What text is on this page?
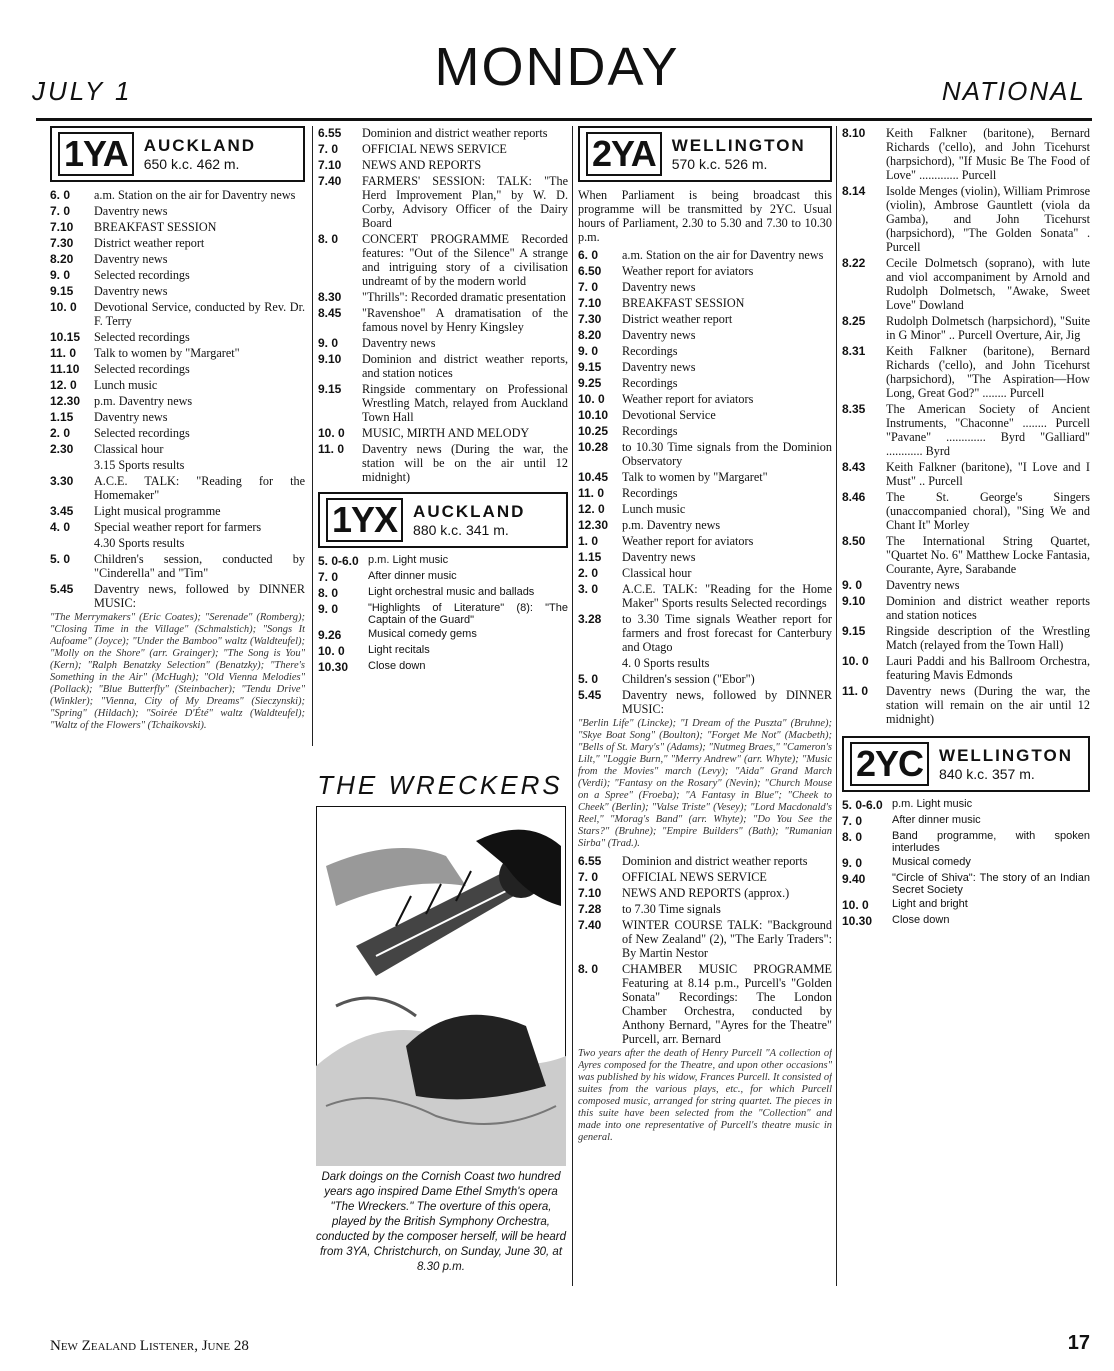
JULY 1	MONDAY	NATIONAL
1YA AUCKLAND
650 k.c. 462 m.
6. 0	a.m. Station on the air for Daventry news
7. 0	Daventry news
7.10	BREAKFAST SESSION
7.30	District weather report
8.20	Daventry news
9. 0	Selected recordings
9.15	Daventry news
10. 0	Devotional Service, conducted by Rev. Dr. F. Terry
10.15	Selected recordings
11. 0	Talk to women by "Margaret"
11.10	Selected recordings
12. 0	Lunch music
12.30	p.m. Daventry news
1.15	Daventry news
2. 0	Selected recordings
2.30	Classical hour
3.15 Sports results
3.30	A.C.E. TALK: "Reading for the Homemaker"
3.45	Light musical programme
4. 0	Special weather report for farmers
4.30 Sports results
5. 0	Children's session, conducted by "Cinderella" and "Tim"
5.45	Daventry news, followed by DINNER MUSIC:
"The Merrymakers" (Eric Coates); "Serenade" (Romberg); "Closing Time in the Village" (Schmalstich); "Songs It Aufoame" (Joyce); "Under the Bamboo" waltz (Waldteufel); "Molly on the Shore" (arr. Grainger); "The Song is You" (Kern); "Ralph Benatzky Selection" (Benatzky); "There's Something in the Air" (McHugh); "Old Vienna Melodies" (Pollack); "Blue Butterfly" (Steinbacher); "Tendu Drive" (Winkler); "Vienna, City of My Dreams" (Sieczynski); "Spring" (Hildach); "Soirée D'Été" waltz (Waldteufel); "Waltz of the Flowers" (Tchaikovski).
6.55	Dominion and district weather reports
7. 0	OFFICIAL NEWS SERVICE
7.10	NEWS AND REPORTS
7.40	FARMERS' SESSION: TALK: "The Herd Improvement Plan," by W. D. Corby, Advisory Officer of the Dairy Board
8. 0	CONCERT PROGRAMME Recorded features: "Out of the Silence" A strange and intriguing story of a civilisation undreamt of by the modern world
8.30	"Thrills": Recorded dramatic presentation
8.45	"Ravenshoe" A dramatisation of the famous novel by Henry Kingsley
9. 0	Daventry news
9.10	Dominion and district weather reports, and station notices
9.15	Ringside commentary on Professional Wrestling Match, relayed from Auckland Town Hall
10. 0	MUSIC, MIRTH AND MELODY
11. 0	Daventry news (During the war, the station will be on the air until 12 midnight)
1YX AUCKLAND
880 k.c. 341 m.
5. 0-6.0 p.m. Light music
7. 0	After dinner music
8. 0	Light orchestral music and ballads
9. 0	"Highlights of Literature" (8): "The Captain of the Guard"
9.26	Musical comedy gems
10. 0	Light recitals
10.30	Close down
THE WRECKERS
Dark doings on the Cornish Coast two hundred years ago inspired Dame Ethel Smyth's opera "The Wreckers." The overture of this opera, played by the British Symphony Orchestra, conducted by the composer herself, will be heard from 3YA, Christchurch, on Sunday, June 30, at 8.30 p.m.
2YA WELLINGTON
570 k.c. 526 m.
When Parliament is being broadcast this programme will be transmitted by 2YC. Usual hours of Parliament, 2.30 to 5.30 and 7.30 to 10.30 p.m.
6. 0	a.m. Station on the air for Daventry news
6.50	Weather report for aviators
7. 0	Daventry news
7.10	BREAKFAST SESSION
7.30	District weather report
8.20	Daventry news
9. 0	Recordings
9.15	Daventry news
9.25	Recordings
10. 0	Weather report for aviators
10.10	Devotional Service
10.25	Recordings
10.28	to 10.30 Time signals from the Dominion Observatory
10.45	Talk to women by "Margaret"
11. 0	Recordings
12. 0	Lunch music
12.30	p.m. Daventry news
1. 0	Weather report for aviators
1.15	Daventry news
2. 0	Classical hour
3. 0	A.C.E. TALK: "Reading for the Home Maker" Sports results Selected recordings
3.28	to 3.30 Time signals Weather report for farmers and frost forecast for Canterbury and Otago
4. 0 Sports results
5. 0	Children's session ("Ebor")
5.45	Daventry news, followed by DINNER MUSIC:
"Berlin Life" (Lincke); "I Dream of the Puszta" (Bruhne); "Skye Boat Song" (Boulton); "Forget Me Not" (Macbeth); "Bells of St. Mary's" (Adams); "Nutmeg Braes," "Cameron's Lilt," "Loggie Burn," "Merry Andrew" (arr. Whyte); "Music from the Movies" march (Levy); "Aida" Grand March (Verdi); "Fantasy on the Rosary" (Nevin); "Church Mouse on a Spree" (Froeba); "A Fantasy in Blue"; "Cheek to Cheek" (Berlin); "Valse Triste" (Vesey); "Lord Macdonald's Reel," "Morag's Band" (arr. Whyte); "Do You See the Stars?" (Bruhne); "Empire Builders" (Bath); "Rumanian Sirba" (Trad.).
6.55	Dominion and district weather reports
7. 0	OFFICIAL NEWS SERVICE
7.10	NEWS AND REPORTS (approx.)
7.28	to 7.30 Time signals
7.40	WINTER COURSE TALK: "Background of New Zealand" (2), "The Early Traders": By Martin Nestor
8. 0	CHAMBER MUSIC PROGRAMME Featuring at 8.14 p.m., Purcell's "Golden Sonata" Recordings: The London Chamber Orchestra, conducted by Anthony Bernard, "Ayres for the Theatre" Purcell, arr. Bernard
Two years after the death of Henry Purcell "A collection of Ayres composed for the Theatre, and upon other occasions" was published by his widow, Frances Purcell. It consisted of suites from the various plays, etc., for which Purcell composed music, arranged for string quartet. The pieces in this suite have been selected from the "Collection" and made into one representative of Purcell's theatre music in general.
8.10	Keith Falkner (baritone), Bernard Richards ('cello), and John Ticehurst (harpsichord), "If Music Be The Food of Love" ............. Purcell
8.14	Isolde Menges (violin), William Primrose (violin), Ambrose Gauntlett (viola da Gamba), and John Ticehurst (harpsichord), "The Golden Sonata" . Purcell
8.22	Cecile Dolmetsch (soprano), with lute and viol accompaniment by Arnold and Rudolph Dolmetsch, "Awake, Sweet Love" Dowland
8.25	Rudolph Dolmetsch (harpsichord), "Suite in G Minor" .. Purcell Overture, Air, Jig
8.31	Keith Falkner (baritone), Bernard Richards ('cello), and John Ticehurst (harpsichord), "The Aspiration—How Long, Great God?" ........ Purcell
8.35	The American Society of Ancient Instruments, "Chaconne" ........ Purcell "Pavane" ............. Byrd "Galliard" ............ Byrd
8.43	Keith Falkner (baritone), "I Love and I Must" .. Purcell
8.46	The St. George's Singers (unaccompanied choral), "Sing We and Chant It" Morley
8.50	The International String Quartet, "Quartet No. 6" Matthew Locke Fantasia, Courante, Ayre, Sarabande
9. 0	Daventry news
9.10	Dominion and district weather reports and station notices
9.15	Ringside description of the Wrestling Match (relayed from the Town Hall)
10. 0	Lauri Paddi and his Ballroom Orchestra, featuring Mavis Edmonds
11. 0	Daventry news (During the war, the station will remain on the air until 12 midnight)
2YC WELLINGTON
840 k.c. 357 m.
5. 0-6.0 p.m. Light music
7. 0	After dinner music
8. 0	Band programme, with spoken interludes
9. 0	Musical comedy
9.40	"Circle of Shiva": The story of an Indian Secret Society
10. 0	Light and bright
10.30	Close down
New Zealand Listener, June 28	17
